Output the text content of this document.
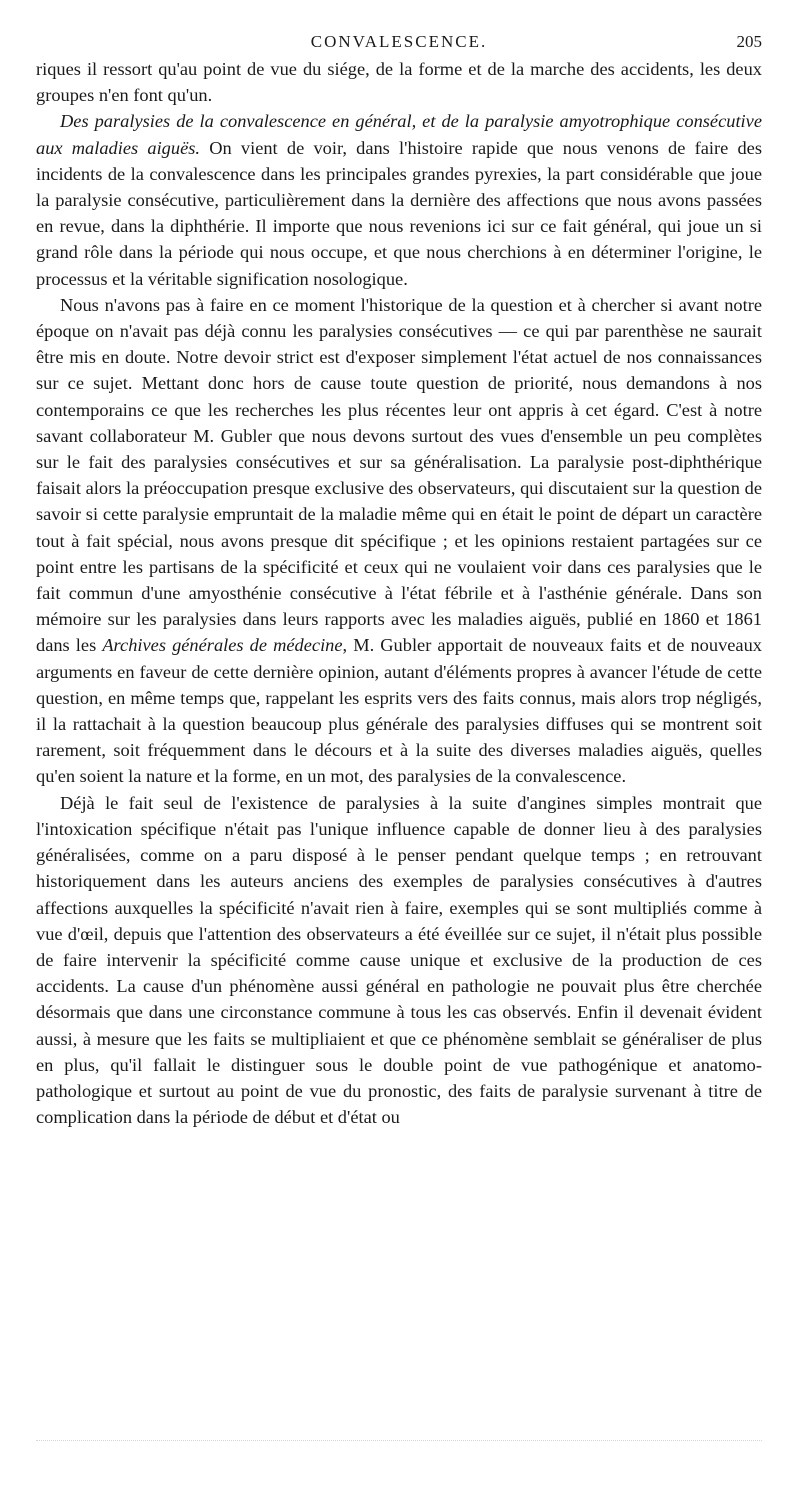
CONVALESCENCE.	205

riques il ressort qu'au point de vue du siége, de la forme et de la marche des accidents, les deux groupes n'en font qu'un.

Des paralysies de la convalescence en général, et de la paralysie amyotrophique consécutive aux maladies aiguës. On vient de voir, dans l'histoire rapide que nous venons de faire des incidents de la convalescence dans les principales grandes pyrexies, la part considérable que joue la paralysie consécutive, particulièrement dans la dernière des affections que nous avons passées en revue, dans la diphthérie. Il importe que nous revenions ici sur ce fait général, qui joue un si grand rôle dans la période qui nous occupe, et que nous cherchions à en déterminer l'origine, le processus et la véritable signification nosologique.

Nous n'avons pas à faire en ce moment l'historique de la question et à chercher si avant notre époque on n'avait pas déjà connu les paralysies consécutives — ce qui par parenthèse ne saurait être mis en doute. Notre devoir strict est d'exposer simplement l'état actuel de nos connaissances sur ce sujet. Mettant donc hors de cause toute question de priorité, nous demandons à nos contemporains ce que les recherches les plus récentes leur ont appris à cet égard. C'est à notre savant collaborateur M. Gubler que nous devons surtout des vues d'ensemble un peu complètes sur le fait des paralysies consécutives et sur sa généralisation. La paralysie post-diphthérique faisait alors la préoccupation presque exclusive des observateurs, qui discutaient sur la question de savoir si cette paralysie empruntait de la maladie même qui en était le point de départ un caractère tout à fait spécial, nous avons presque dit spécifique ; et les opinions restaient partagées sur ce point entre les partisans de la spécificité et ceux qui ne voulaient voir dans ces paralysies que le fait commun d'une amyosthénie consécutive à l'état fébrile et à l'asthénie générale. Dans son mémoire sur les paralysies dans leurs rapports avec les maladies aiguës, publié en 1860 et 1861 dans les Archives générales de médecine, M. Gubler apportait de nouveaux faits et de nouveaux arguments en faveur de cette dernière opinion, autant d'éléments propres à avancer l'étude de cette question, en même temps que, rappelant les esprits vers des faits connus, mais alors trop négligés, il la rattachait à la question beaucoup plus générale des paralysies diffuses qui se montrent soit rarement, soit fréquemment dans le décours et à la suite des diverses maladies aiguës, quelles qu'en soient la nature et la forme, en un mot, des paralysies de la convalescence.

Déjà le fait seul de l'existence de paralysies à la suite d'angines simples montrait que l'intoxication spécifique n'était pas l'unique influence capable de donner lieu à des paralysies généralisées, comme on a paru disposé à le penser pendant quelque temps ; en retrouvant historiquement dans les auteurs anciens des exemples de paralysies consécutives à d'autres affections auxquelles la spécificité n'avait rien à faire, exemples qui se sont multipliés comme à vue d'œil, depuis que l'attention des observateurs a été éveillée sur ce sujet, il n'était plus possible de faire intervenir la spécificité comme cause unique et exclusive de la production de ces accidents. La cause d'un phénomène aussi général en pathologie ne pouvait plus être cherchée désormais que dans une circonstance commune à tous les cas observés. Enfin il devenait évident aussi, à mesure que les faits se multipliaient et que ce phénomène semblait se généraliser de plus en plus, qu'il fallait le distinguer sous le double point de vue pathogénique et anatomo-pathologique et surtout au point de vue du pronostic, des faits de paralysie survenant à titre de complication dans la période de début et d'état ou
